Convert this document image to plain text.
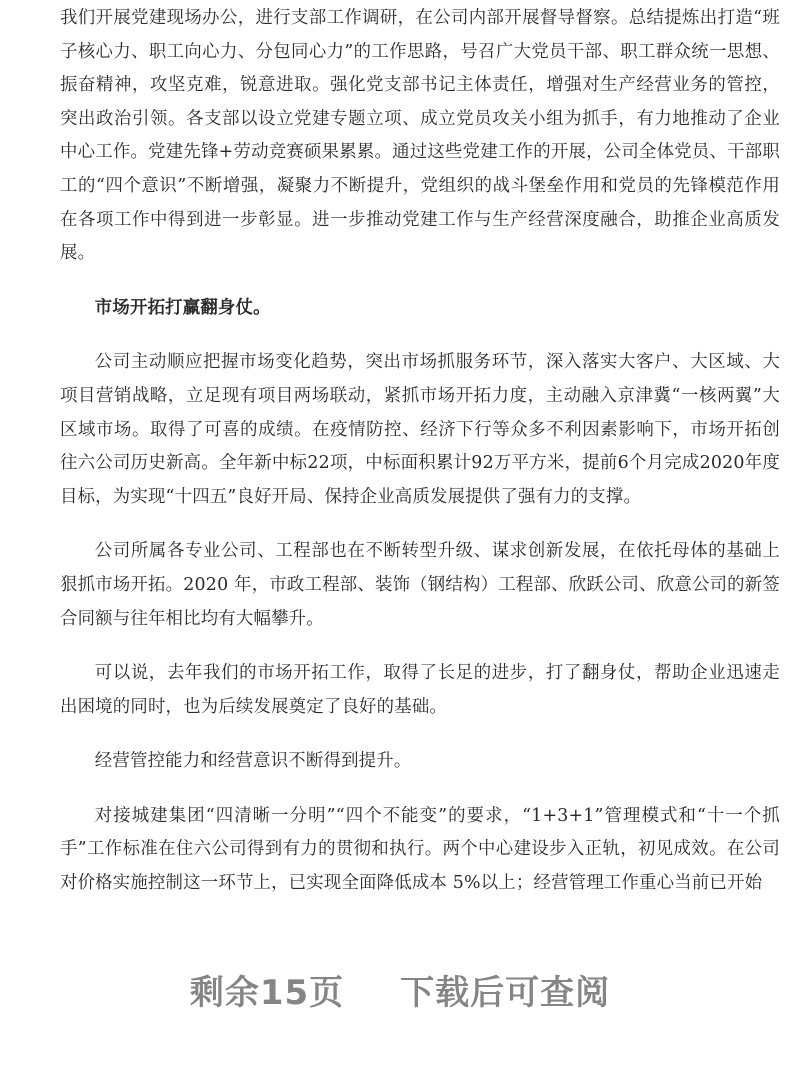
我们开展党建现场办公，进行支部工作调研，在公司内部开展督导督察。总结提炼出打造“班子核心力、职工向心力、分包同心力”的工作思路，号召广大党员干部、职工群众统一思想、振奋精神，攻坚克难，锐意进取。强化党支部书记主体责任，增强对生产经营业务的管控，突出政治引领。各支部以设立党建专题立项、成立党员攻关小组为抓手，有力地推动了企业中心工作。党建先锋+劳动竞赛硕果累累。通过这些党建工作的开展，公司全体党员、干部职工的“四个意识”不断增强，凝聚力不断提升，党组织的战斗堡垒作用和党员的先锋模范作用在各项工作中得到进一步彰显。进一步推动党建工作与生产经营深度融合，助推企业高质发展。

市场开拓打赢翻身仗。

公司主动顺应把握市场变化趋势，突出市场抓服务环节，深入落实大客户、大区域、大项目营销战略，立足现有项目两场联动，紧抓市场开拓力度，主动融入京津冀“一核两翼”大区域市场。取得了可喜的成绩。在疫情防控、经济下行等众多不利因素影响下，市场开拓创往六公司历史新高。全年新中标22项，中标面积累计92万平方米，提前6个月完成2020年度目标，为实现“十四五”良好开局、保持企业高质发展提供了强有力的支撑。

公司所属各专业公司、工程部也在不断转型升级、谋求创新发展，在依托母体的基础上狠抓市场开拓。2020 年，市政工程部、装饰（钢结构）工程部、欣跃公司、欣意公司的新签合同额与往年相比均有大幅攀升。

可以说，去年我们的市场开拓工作，取得了长足的进步，打了翻身仗，帮助企业迅速走出困境的同时，也为后续发展奠定了良好的基础。

经营管控能力和经营意识不断得到提升。

对接城建集团“四清晰一分明”“四个不能变”的要求，“1+3+1”管理模式和“十一个抓手”工作标准在住六公司得到有力的贯彻和执行。两个中心建设步入正轨，初见成效。在公司对价格实施控制这一环节上，已实现全面降低成本 5%以上；经营管理工作重心当前已开始

剩余15页 下载后可查阅
